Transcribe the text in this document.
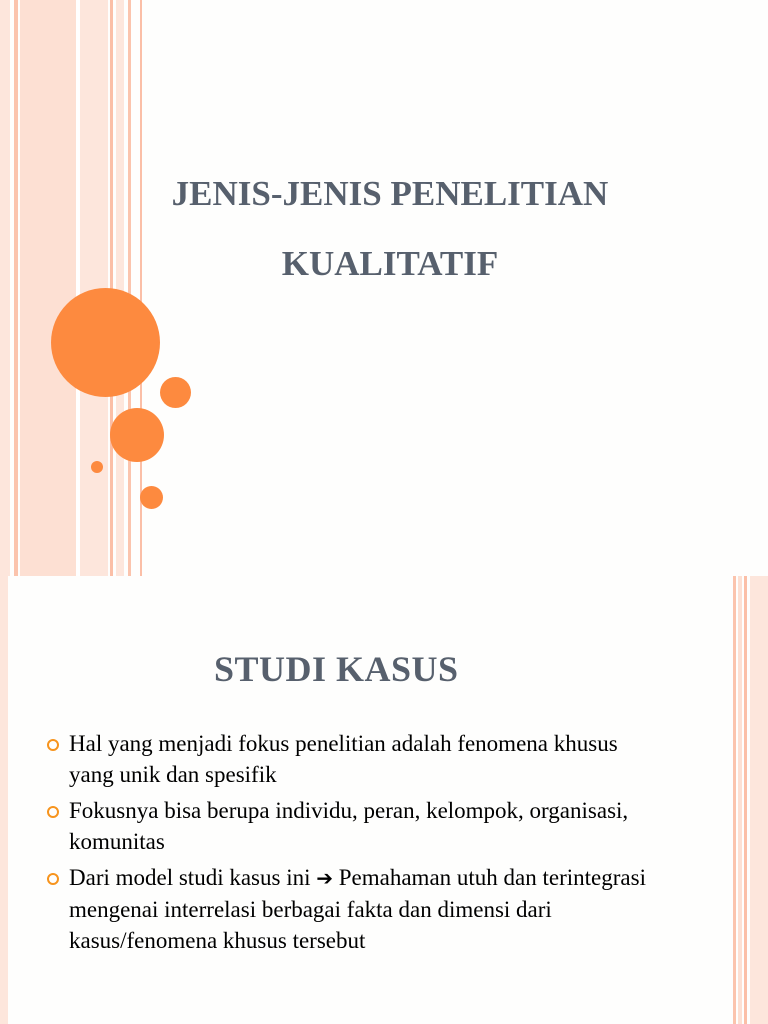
JENIS-JENIS PENELITIAN
KUALITATIF
STUDI KASUS
Hal yang menjadi fokus penelitian adalah fenomena khusus yang unik dan spesifik
Fokusnya bisa berupa individu, peran, kelompok, organisasi, komunitas
Dari model studi kasus ini ➔ Pemahaman utuh dan terintegrasi mengenai interrelasi berbagai fakta dan dimensi dari kasus/fenomena khusus tersebut
